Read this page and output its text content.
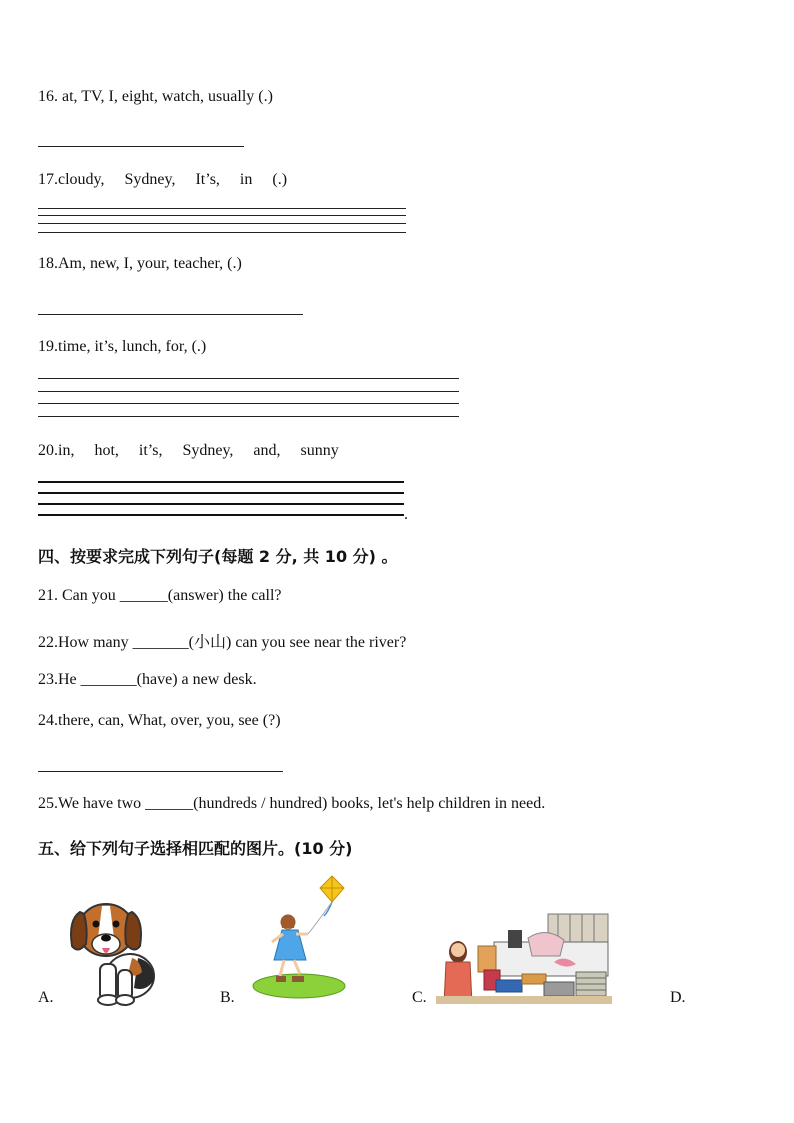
16. at, TV, I, eight, watch, usually (.)
17.cloudy,     Sydney,     It’s,     in     (.)
18.Am, new, I, your, teacher, (.)
19.time, it’s, lunch, for, (.)
20.in,     hot,     it’s,     Sydney,     and,     sunny
.
四、按要求完成下列句子(每题 2 分, 共 10 分) 。
21. Can you ______(answer) the call?
22.How many _______(小山) can you see near the river?
23.He _______(have) a new desk.
24.there, can, What, over, you, see (?)
25.We have two ______(hundreds / hundred) books, let's help children in need.
五、给下列句子选择相匹配的图片。(10 分)
A.	B.	C.	D.
